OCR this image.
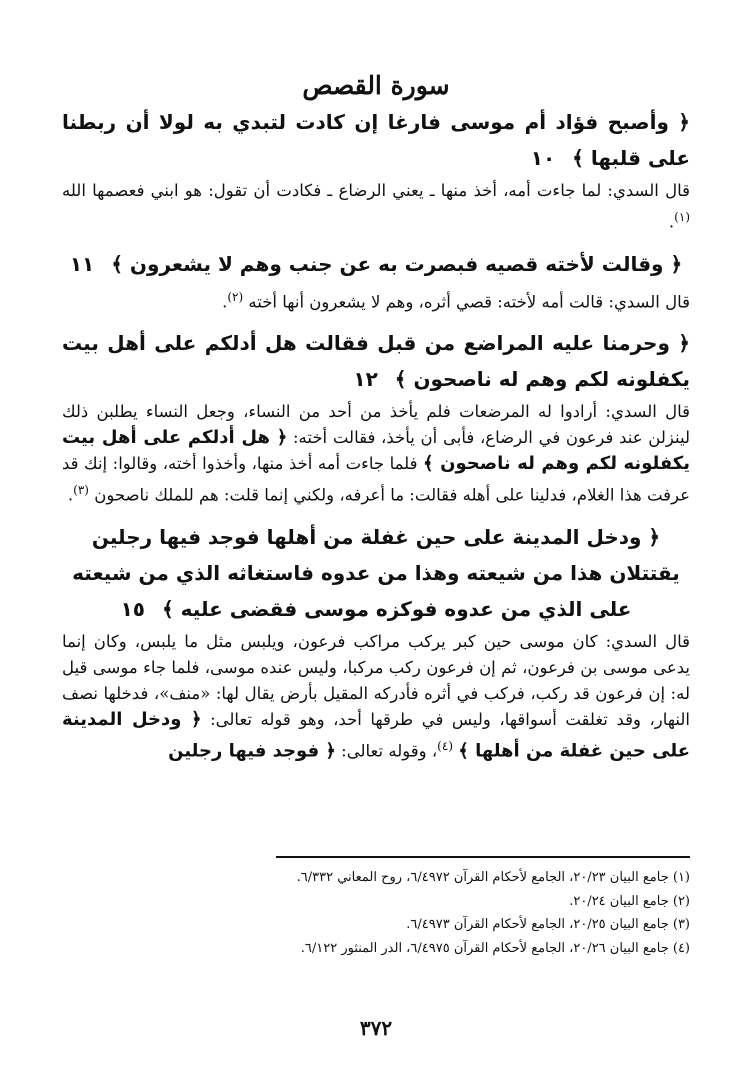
سورة القصص
﴿ وأصبح فؤاد أم موسى فارغا إن كادت لتبدي به لولا أن ربطنا على قلبها ﴾ ١٠

قال السدي: لما جاءت أمه، أخذ منها ـ يعني الرضاع ـ فكادت أن تقول: هو ابني فعصمها الله $^{(١)}$.

﴿ وقالت لأخته قصيه فبصرت به عن جنب وهم لا يشعرون ﴾ ١١

قال السدي: قالت أمه لأخته: قصي أثره، وهم لا يشعرون أنها أخته $^{(٢)}$.

﴿ وحرمنا عليه المراضع من قبل فقالت هل أدلكم على أهل بيت يكفلونه لكم وهم له ناصحون ﴾ ١٢

قال السدي: أرادوا له المرضعات فلم يأخذ من أحد من النساء، وجعل النساء يطلبن ذلك لينزلن عند فرعون في الرضاع، فأبى أن يأخذ، فقالت أخته: ﴿ هل أدلكم على أهل بيت يكفلونه لكم وهم له ناصحون ﴾ فلما جاءت أمه أخذ منها، وأخذوا أخته، وقالوا: إنك قد عرفت هذا الغلام، فدلينا على أهله فقالت: ما أعرفه، ولكني إنما قلت: هم للملك ناصحون $^{(٣)}$.

﴿ ودخل المدينة على حين غفلة من أهلها فوجد فيها رجلين يقتتلان هذا من شيعته وهذا من عدوه فاستغاثه الذي من شيعته على الذي من عدوه فوكزه موسى فقضى عليه ﴾ ١٥

قال السدي: كان موسى حين كبر يركب مراكب فرعون، ويلبس مثل ما يلبس، وكان إنما يدعى موسى بن فرعون، ثم إن فرعون ركب مركبا، وليس عنده موسى، فلما جاء موسى قيل له: إن فرعون قد ركب، فركب في أثره فأدركه المقيل بأرض يقال لها: «منف»، فدخلها نصف النهار، وقد تغلقت أسواقها، وليس في طرقها أحد، وهو قوله تعالى: ﴿ ودخل المدينة على حين غفلة من أهلها ﴾ $^{(٤)}$، وقوله تعالى: ﴿ فوجد فيها رجلين

(١) جامع البيان ٢٠/٢٣، الجامع لأحكام القرآن ٦/٤٩٧٢، روح المعاني ٦/٣٣٢.
(٢) جامع البيان ٢٠/٢٤.
(٣) جامع البيان ٢٠/٢٥، الجامع لأحكام القرآن ٦/٤٩٧٣.
(٤) جامع البيان ٢٠/٢٦، الجامع لأحكام القرآن ٦/٤٩٧٥، الدر المنثور ٦/١٢٢.
٣٧٢
